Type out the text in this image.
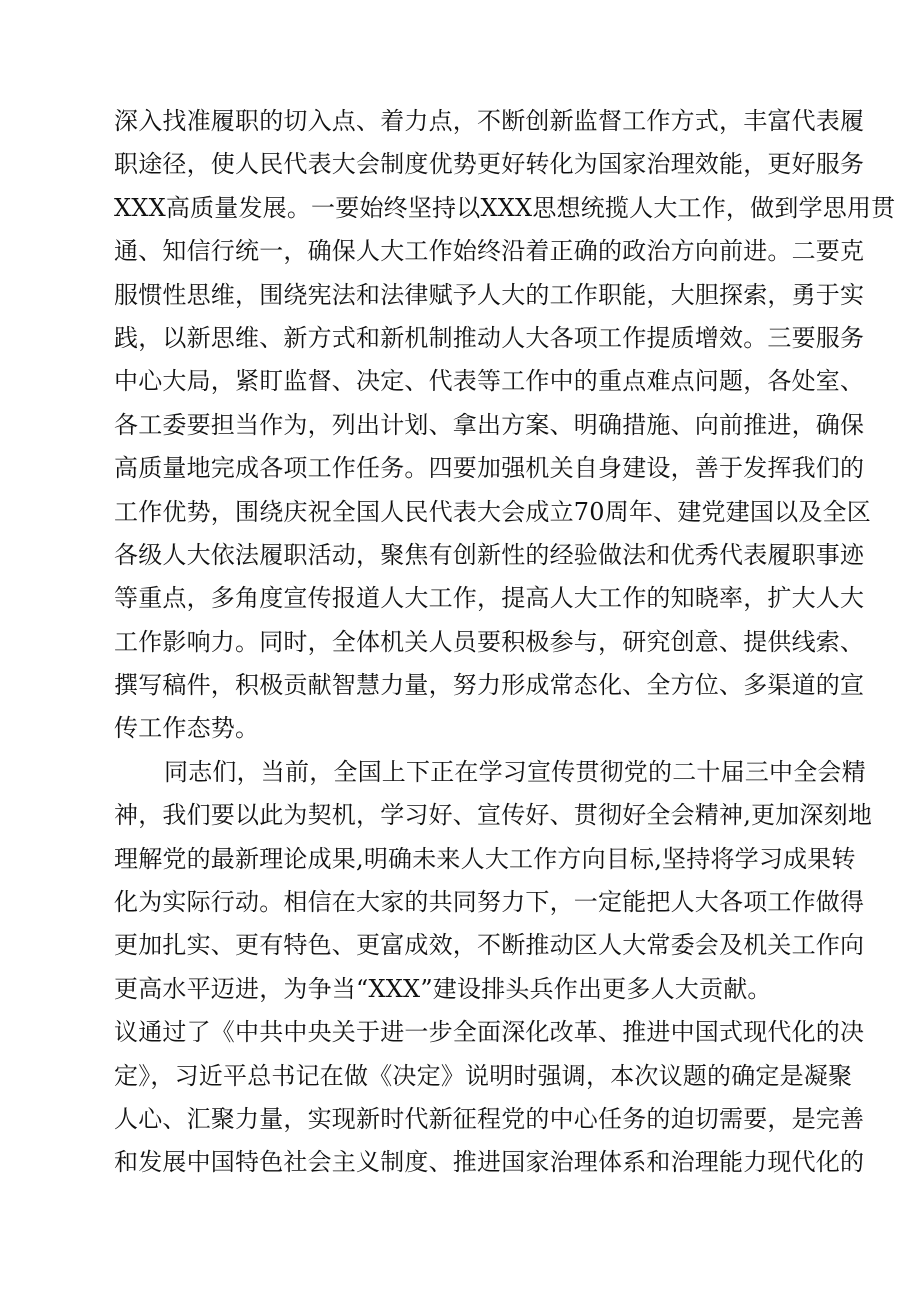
深入找准履职的切入点、着力点，不断创新监督工作方式，丰富代表履
职途径，使人民代表大会制度优势更好转化为国家治理效能，更好服务
XXX高质量发展。一要始终坚持以XXX思想统揽人大工作，做到学思用贯
通、知信行统一，确保人大工作始终沿着正确的政治方向前进。二要克
服惯性思维，围绕宪法和法律赋予人大的工作职能，大胆探索，勇于实
践，以新思维、新方式和新机制推动人大各项工作提质增效。三要服务
中心大局，紧盯监督、决定、代表等工作中的重点难点问题，各处室、
各工委要担当作为，列出计划、拿出方案、明确措施、向前推进，确保
高质量地完成各项工作任务。四要加强机关自身建设，善于发挥我们的
工作优势，围绕庆祝全国人民代表大会成立70周年、建党建国以及全区
各级人大依法履职活动，聚焦有创新性的经验做法和优秀代表履职事迹
等重点，多角度宣传报道人大工作，提高人大工作的知晓率，扩大人大
工作影响力。同时，全体机关人员要积极参与，研究创意、提供线索、
撰写稿件，积极贡献智慧力量，努力形成常态化、全方位、多渠道的宣
传工作态势。
同志们，当前，全国上下正在学习宣传贯彻党的二十届三中全会精
神，我们要以此为契机，学习好、宣传好、贯彻好全会精神,更加深刻地
理解党的最新理论成果,明确未来人大工作方向目标,坚持将学习成果转
化为实际行动。相信在大家的共同努力下，一定能把人大各项工作做得
更加扎实、更有特色、更富成效，不断推动区人大常委会及机关工作向
更高水平迈进，为争当“XXX”建设排头兵作出更多人大贡献。
议通过了《中共中央关于进一步全面深化改革、推进中国式现代化的决
定》，习近平总书记在做《决定》说明时强调，本次议题的确定是凝聚
人心、汇聚力量，实现新时代新征程党的中心任务的迫切需要，是完善
和发展中国特色社会主义制度、推进国家治理体系和治理能力现代化的
